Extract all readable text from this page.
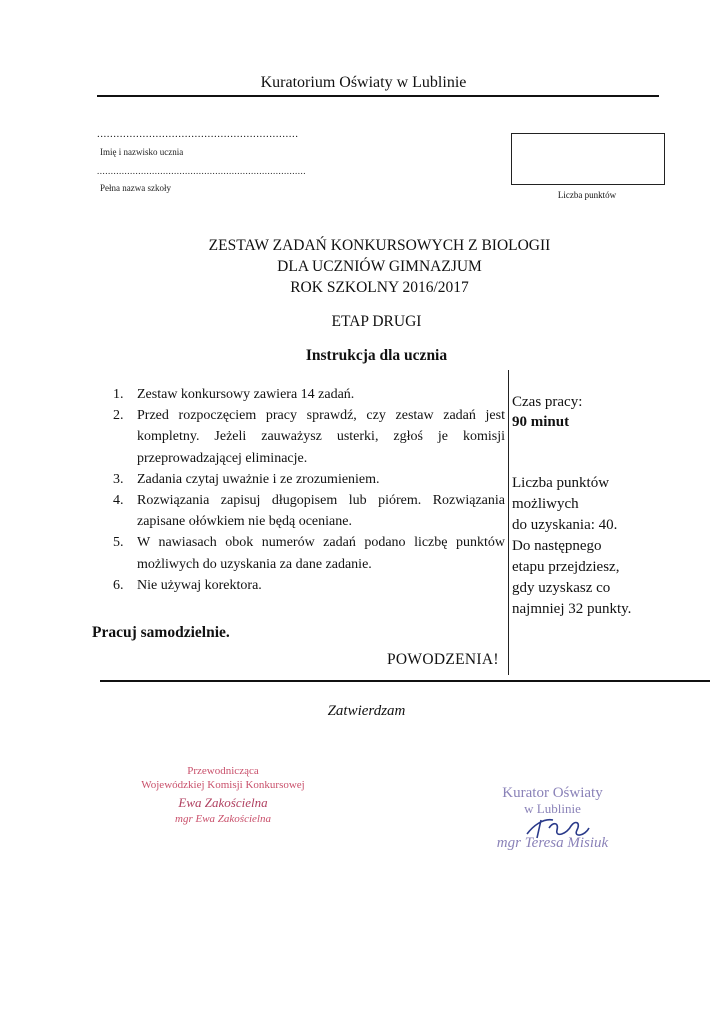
Kuratorium Oświaty w Lublinie
..............................................................
Imię i nazwisko ucznia
............................................................................
Pełna nazwa szkoły
Liczba punktów
ZESTAW ZADAŃ KONKURSOWYCH Z BIOLOGII
DLA UCZNIÓW GIMNAZJUM
ROK SZKOLNY 2016/2017
ETAP DRUGI
Instrukcja dla ucznia
1. Zestaw konkursowy zawiera 14 zadań.
2. Przed rozpoczęciem pracy sprawdź, czy zestaw zadań jest kompletny. Jeżeli zauważysz usterki, zgłoś je komisji przeprowadzającej eliminacje.
3. Zadania czytaj uważnie i ze zrozumieniem.
4. Rozwiązania zapisuj długopisem lub piórem. Rozwiązania zapisane ołówkiem nie będą oceniane.
5. W nawiasach obok numerów zadań podano liczbę punktów możliwych do uzyskania za dane zadanie.
6. Nie używaj korektora.
Czas pracy:
90 minut
Liczba punktów
możliwych
do uzyskania: 40.
Do następnego
etapu przejdziesz,
gdy uzyskasz co
najmniej 32 punkty.
Pracuj samodzielnie.
POWODZENIA!
Zatwierdzam
Przewodnicząca
Wojewódzkiej Komisji Konkursowej
Ewa Zakościelna
mgr Ewa Zakościelna
Kurator Oświaty
w Lublinie
mgr Teresa Misiuk
